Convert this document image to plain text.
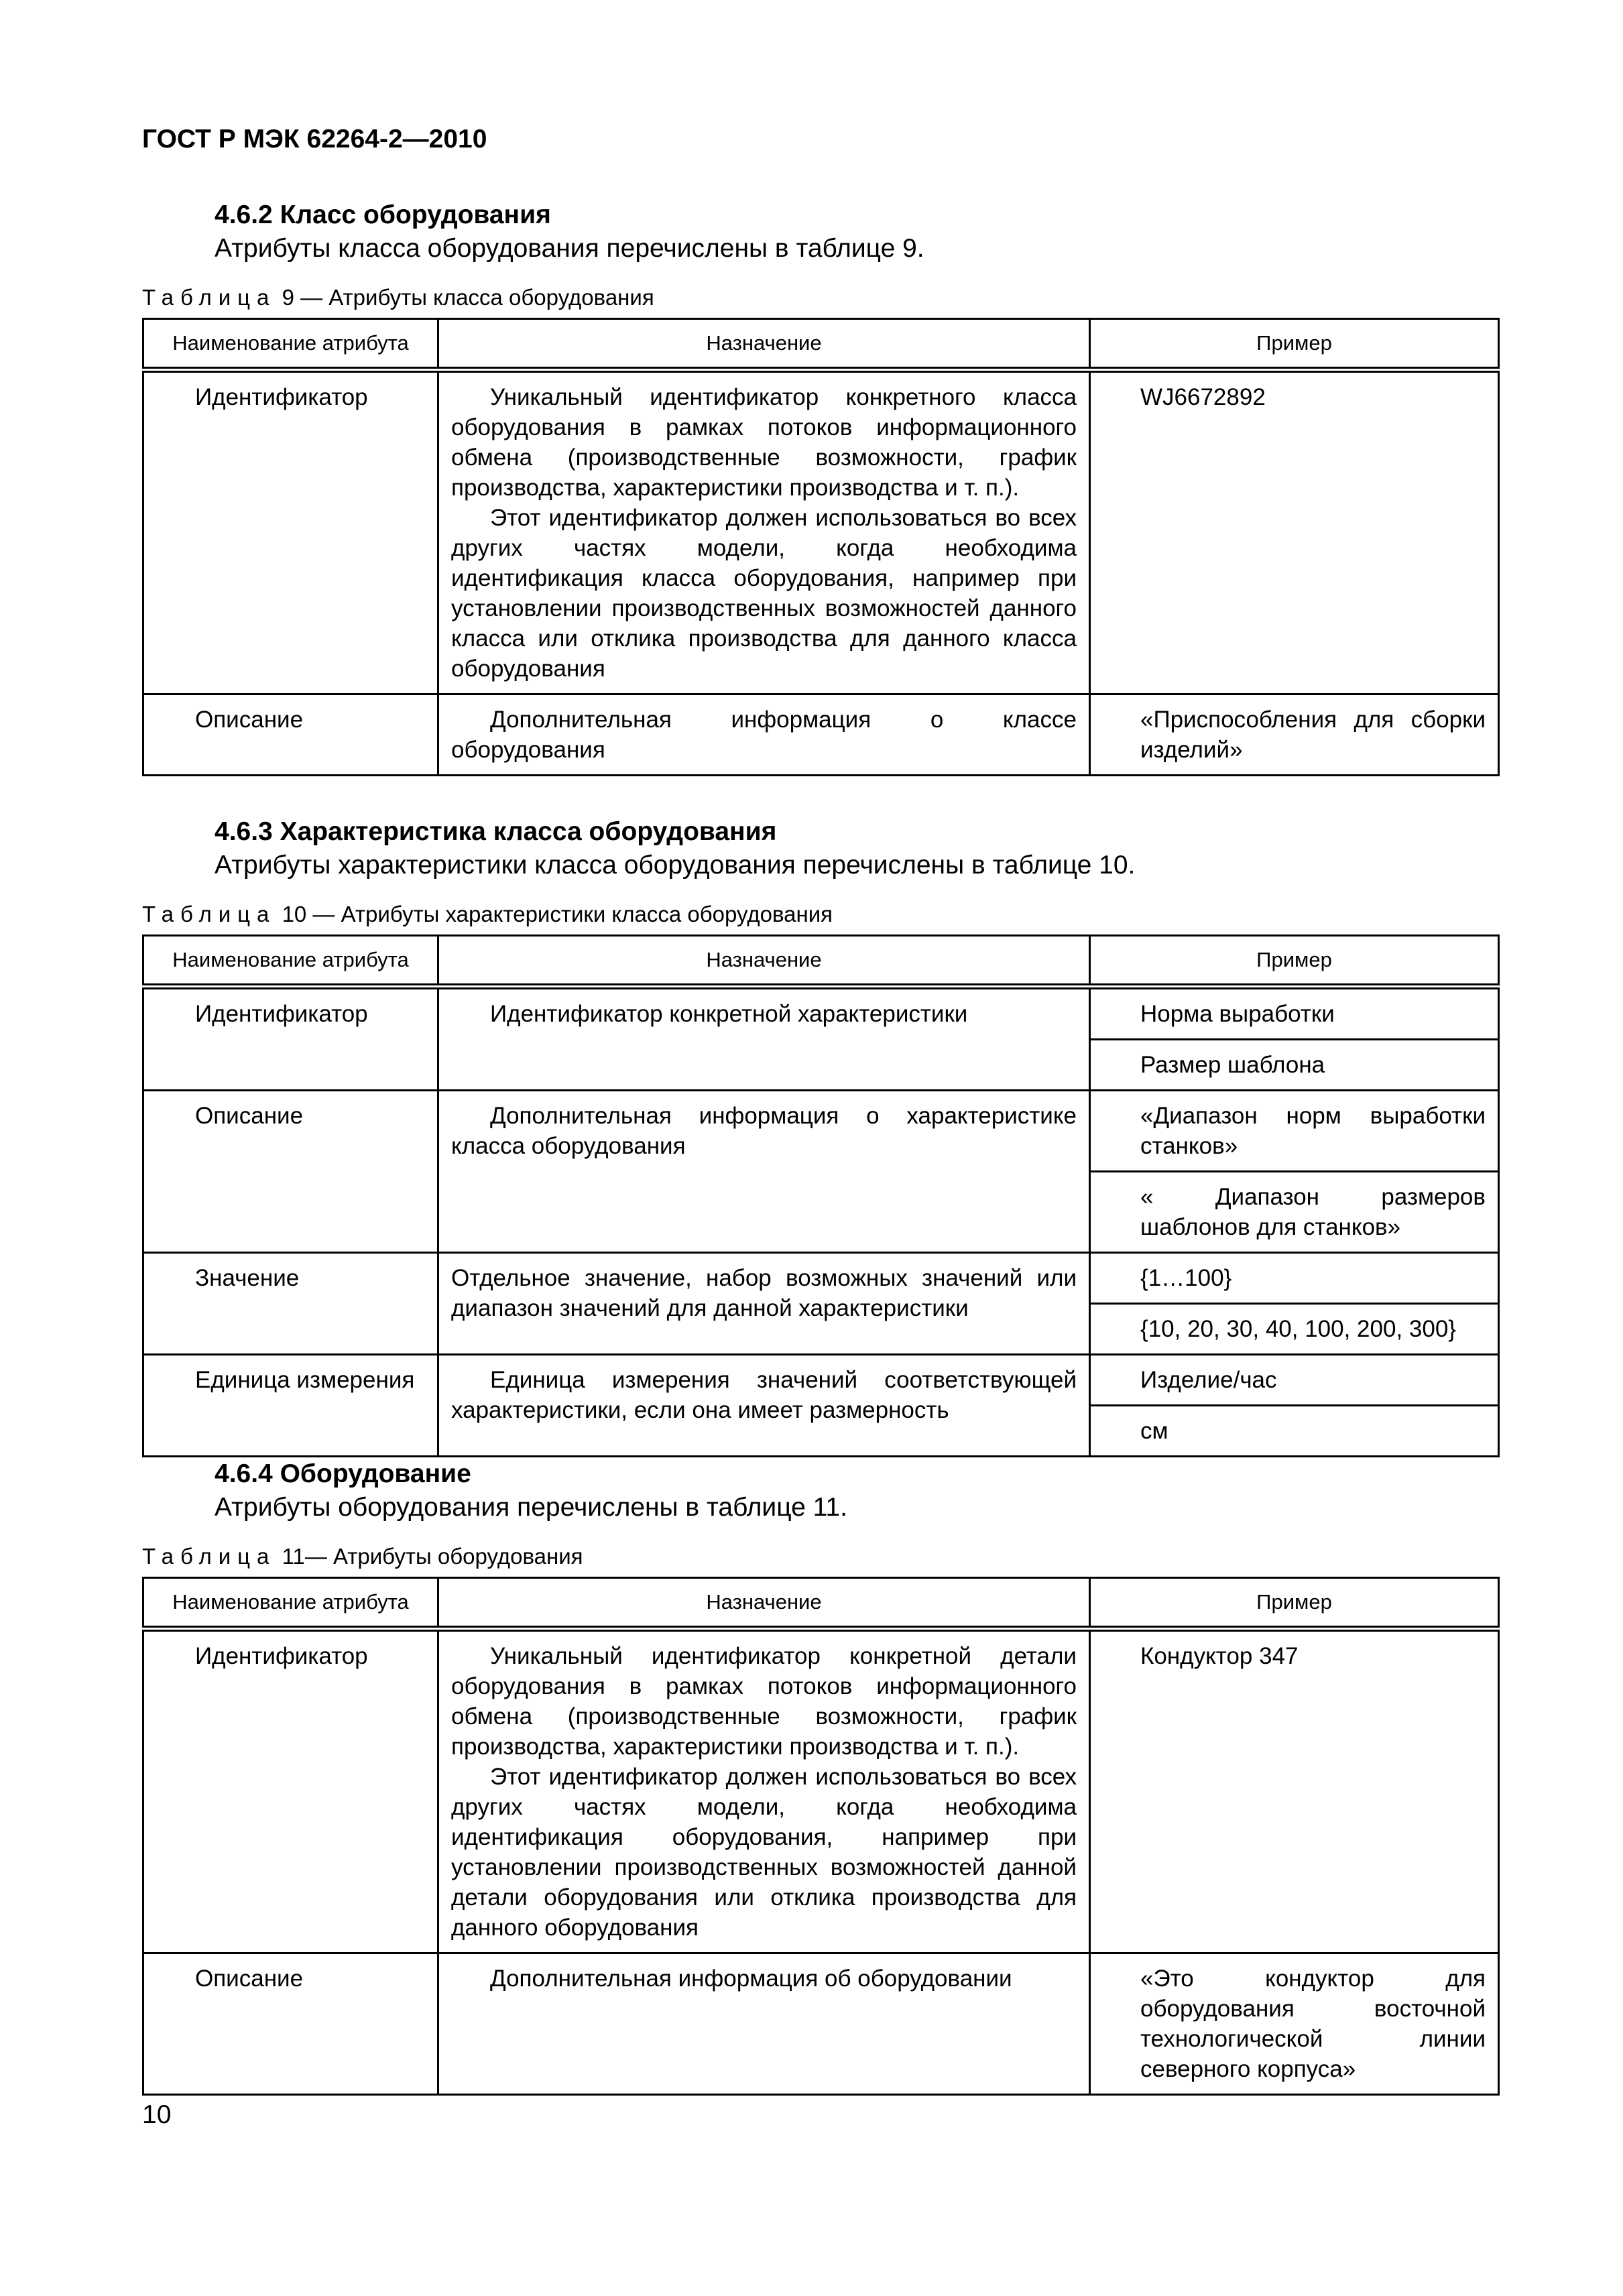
ГОСТ Р МЭК 62264-2—2010
4.6.2 Класс оборудования
Атрибуты класса оборудования перечислены в таблице 9.
Таблица 9 — Атрибуты класса оборудования
Наименование атрибута	Назначение	Пример
Идентификатор	Уникальный идентификатор конкретного класса оборудования в рамках потоков информационного обмена (производственные возможности, график производства, характеристики производства и т. п.).
Этот идентификатор должен использоваться во всех других частях модели, когда необходима идентификация класса оборудования, например при установлении производственных возможностей данного класса или отклика производства для данного класса оборудования	WJ6672892
Описание	Дополнительная информация о классе оборудования	«Приспособления для сборки изделий»
4.6.3 Характеристика класса оборудования
Атрибуты характеристики класса оборудования перечислены в таблице 10.
Таблица 10 — Атрибуты характеристики класса оборудования
Наименование атрибута	Назначение	Пример
Идентификатор	Идентификатор конкретной характеристики	Норма выработки
		Размер шаблона
Описание	Дополнительная информация о характеристике класса оборудования	«Диапазон норм выработки станков»
		« Диапазон размеров шаблонов для станков»
Значение	Отдельное значение, набор возможных значений или диапазон значений для данной характеристики	{1…100}
		{10, 20, 30, 40, 100, 200, 300}
Единица измерения	Единица измерения значений соответствующей характеристики, если она имеет размерность	Изделие/час
		см
4.6.4 Оборудование
Атрибуты оборудования перечислены в таблице 11.
Таблица 11— Атрибуты оборудования
Наименование атрибута	Назначение	Пример
Идентификатор	Уникальный идентификатор конкретной детали оборудования в рамках потоков информационного обмена (производственные возможности, график производства, характеристики производства и т. п.).
Этот идентификатор должен использоваться во всех других частях модели, когда необходима идентификация оборудования, например при установлении производственных возможностей данной детали оборудования или отклика производства для данного оборудования	Кондуктор 347
Описание	Дополнительная информация об оборудовании	«Это кондуктор для оборудования восточной технологической линии северного корпуса»
10
